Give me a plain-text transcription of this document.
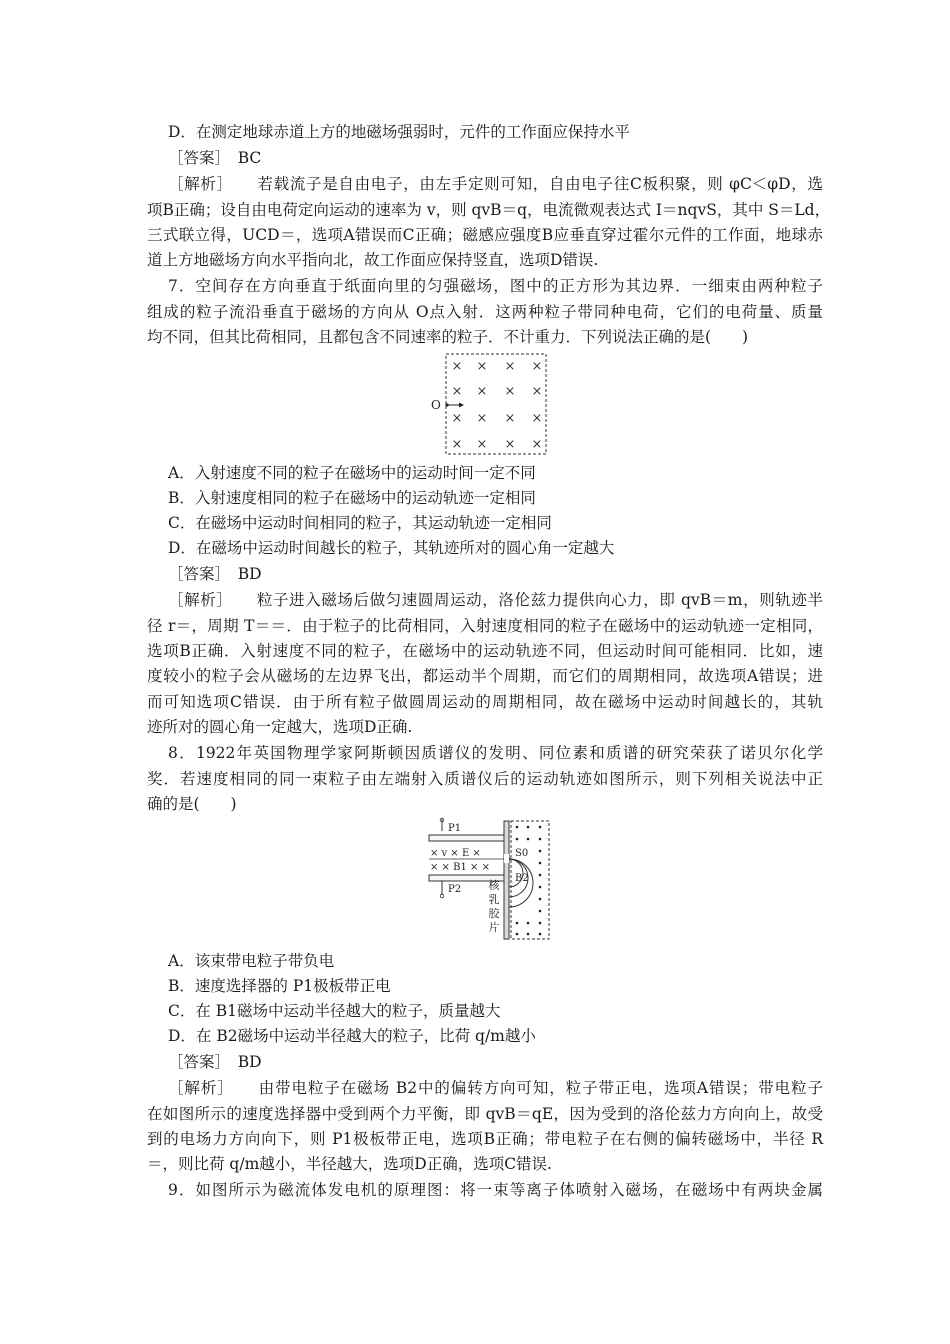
D．在测定地球赤道上方的地磁场强弱时，元件的工作面应保持水平
［答案］　BC
［解析］　　若载流子是自由电子，由左手定则可知，自由电子往C板积聚，则 φC＜φD，选
项B正确；设自由电荷定向运动的速率为 v，则 qvB＝q，电流微观表达式 I＝nqvS，其中 S＝Ld，
三式联立得，UCD＝，选项A错误而C正确；磁感应强度B应垂直穿过霍尔元件的工作面，地球赤
道上方地磁场方向水平指向北，故工作面应保持竖直，选项D错误.
7．空间存在方向垂直于纸面向里的匀强磁场，图中的正方形为其边界．一细束由两种粒子
组成的粒子流沿垂直于磁场的方向从 O点入射．这两种粒子带同种电荷，它们的电荷量、质量
均不同，但其比荷相同，且都包含不同速率的粒子．不计重力．下列说法正确的是(　　)
× × × ×
× × × ×
× × × ×
× × × ×
O
A．入射速度不同的粒子在磁场中的运动时间一定不同
B．入射速度相同的粒子在磁场中的运动轨迹一定相同
C．在磁场中运动时间相同的粒子，其运动轨迹一定相同
D．在磁场中运动时间越长的粒子，其轨迹所对的圆心角一定越大
［答案］　BD
［解析］　　粒子进入磁场后做匀速圆周运动，洛伦兹力提供向心力，即 qvB＝m，则轨迹半
径 r＝，周期 T＝＝．由于粒子的比荷相同，入射速度相同的粒子在磁场中的运动轨迹一定相同，
选项B正确．入射速度不同的粒子，在磁场中的运动轨迹不同，但运动时间可能相同．比如，速
度较小的粒子会从磁场的左边界飞出，都运动半个周期，而它们的周期相同，故选项A错误；进
而可知选项C错误．由于所有粒子做圆周运动的周期相同，故在磁场中运动时间越长的，其轨
迹所对的圆心角一定越大，选项D正确.
8．1922年英国物理学家阿斯顿因质谱仪的发明、同位素和质谱的研究荣获了诺贝尔化学
奖．若速度相同的同一束粒子由左端射入质谱仪后的运动轨迹如图所示，则下列相关说法中正
确的是(　　)
P1
× v × E ×
× × B1 × ×
P2
S0
B2
核
乳
胶
片
A．该束带电粒子带负电
B．速度选择器的 P1极板带正电
C．在 B1磁场中运动半径越大的粒子，质量越大
D．在 B2磁场中运动半径越大的粒子，比荷 q/m越小
［答案］　BD
［解析］　　由带电粒子在磁场 B2中的偏转方向可知，粒子带正电，选项A错误；带电粒子
在如图所示的速度选择器中受到两个力平衡，即 qvB＝qE，因为受到的洛伦兹力方向向上，故受
到的电场力方向向下，则 P1极板带正电，选项B正确；带电粒子在右侧的偏转磁场中，半径 R
＝，则比荷 q/m越小，半径越大，选项D正确，选项C错误.
9．如图所示为磁流体发电机的原理图：将一束等离子体喷射入磁场，在磁场中有两块金属
